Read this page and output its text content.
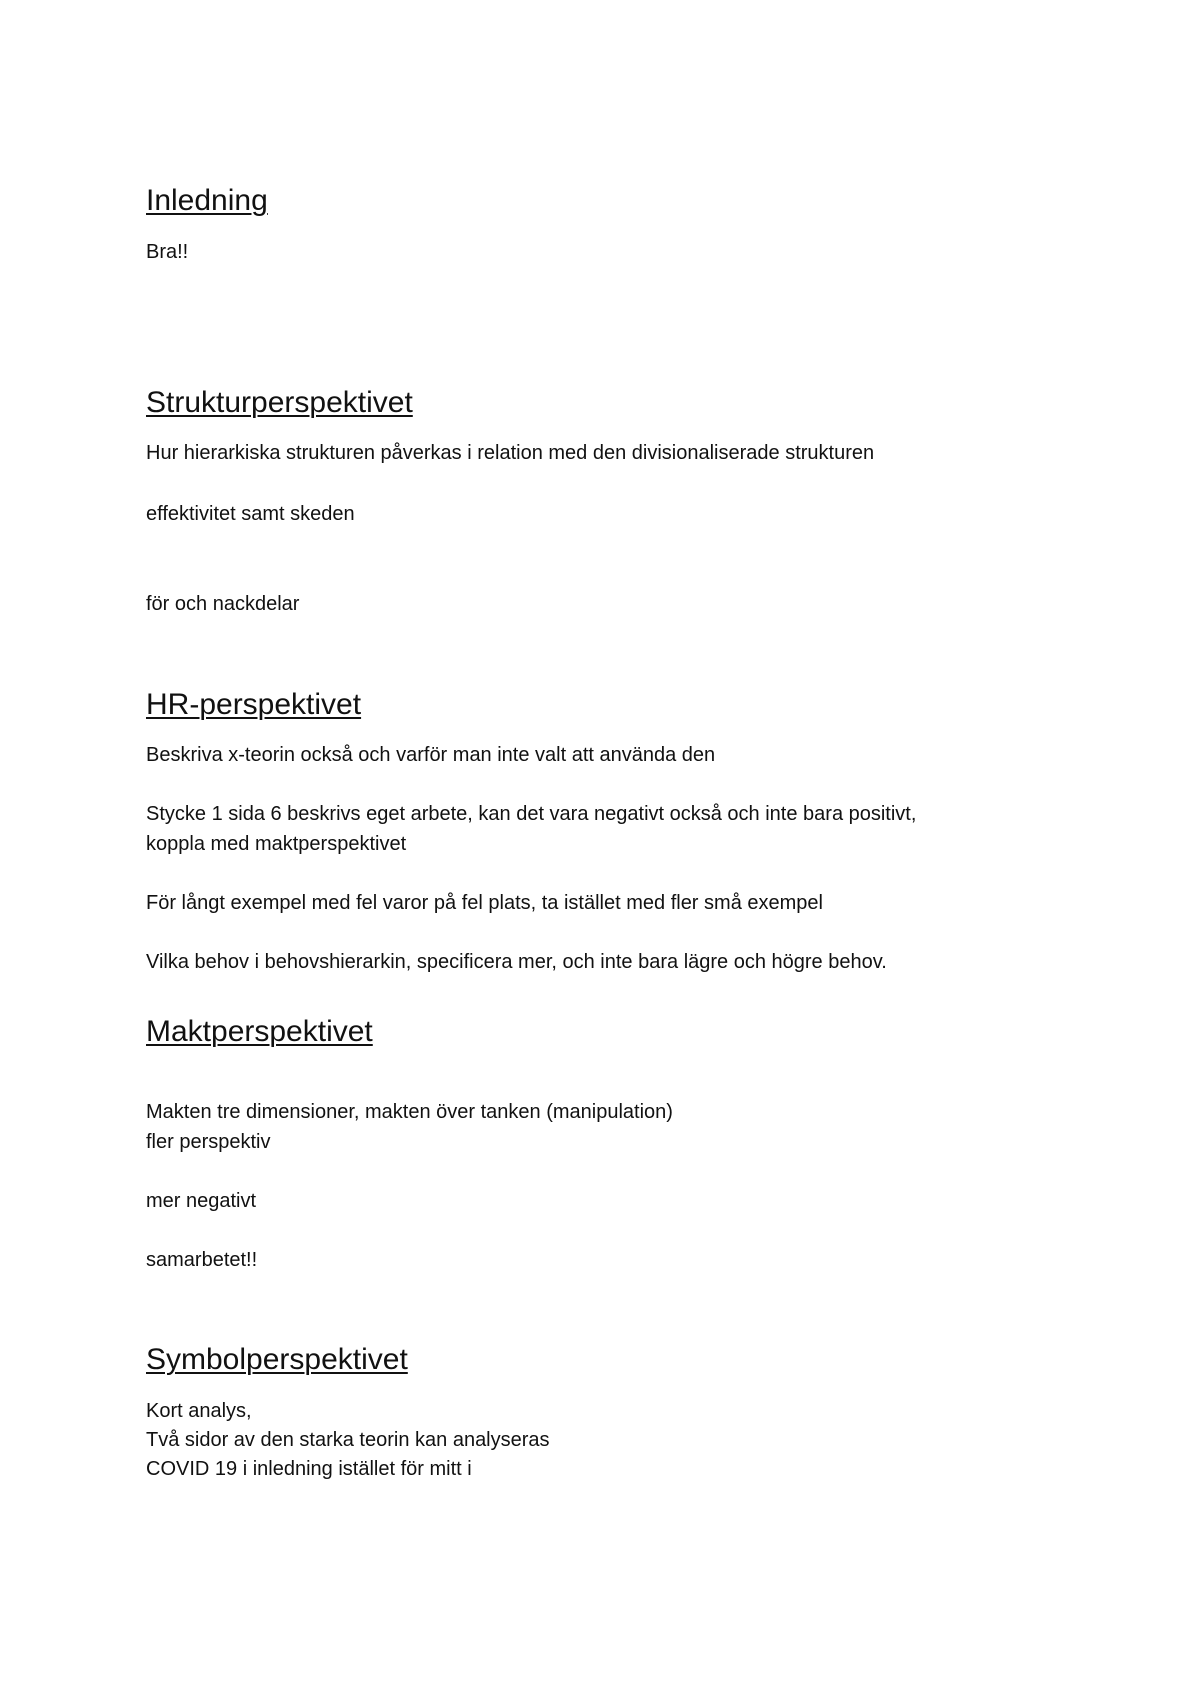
Inledning

Bra!!

Strukturperspektivet

Hur hierarkiska strukturen påverkas i relation med den divisionaliserade strukturen

effektivitet samt skeden

för och nackdelar

HR-perspektivet

Beskriva x-teorin också och varför man inte valt att använda den

Stycke 1 sida 6 beskrivs eget arbete, kan det vara negativt också och inte bara positivt,

koppla med maktperspektivet

För långt exempel med fel varor på fel plats, ta istället med fler små exempel

Vilka behov i behovshierarkin, specificera mer, och inte bara lägre och högre behov.

Maktperspektivet

Makten tre dimensioner, makten över tanken (manipulation)

fler perspektiv

mer negativt

samarbetet!!

Symbolperspektivet

Kort analys,

Två sidor av den starka teorin kan analyseras

COVID 19 i inledning istället för mitt i
